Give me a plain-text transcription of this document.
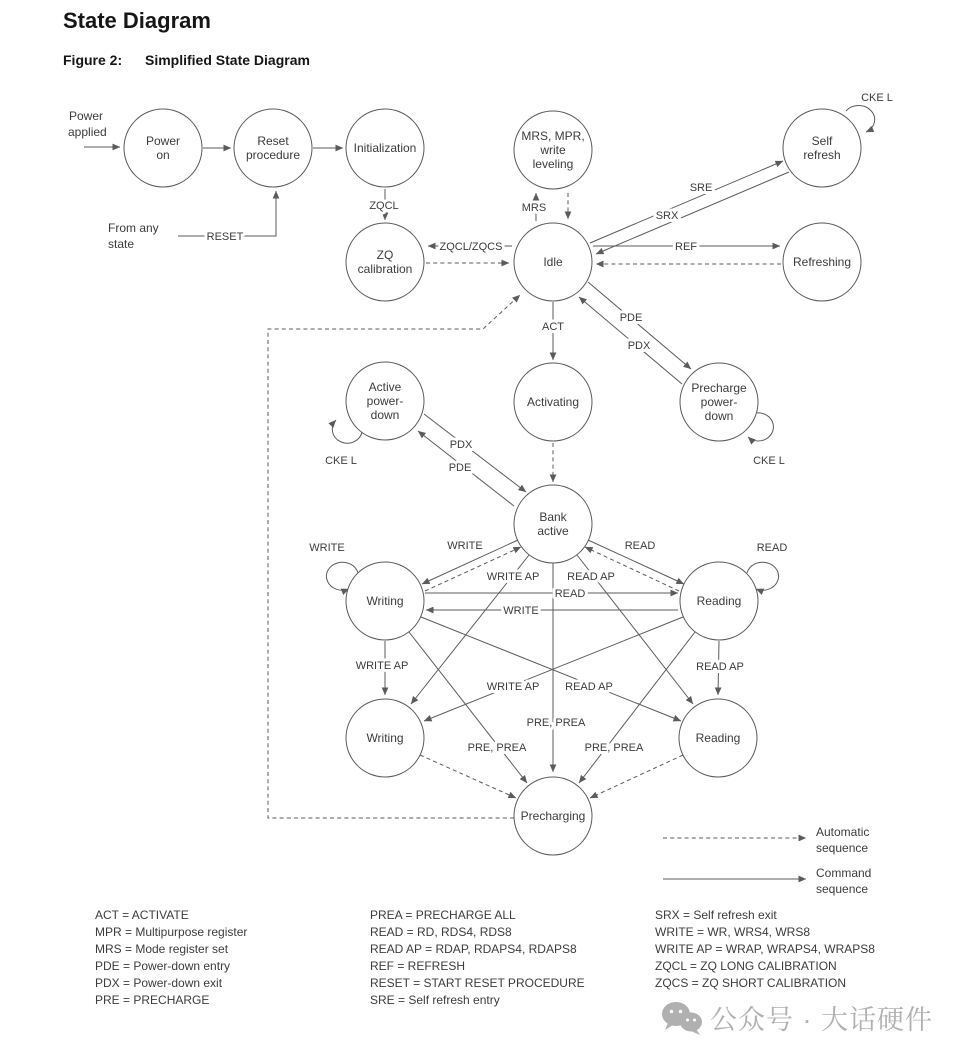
State Diagram
Figure 2: Simplified State Diagram
Power
on
Reset
procedure	Initialization
MRS, MPR,
write
leveling
Self
refresh
ZQ
calibration	Idle	Refreshing
Active
power-
down
Activating
Precharge
power-
down
Bank
active
Writing	Reading
Writing	Reading
Precharging
Power
applied
From any
state	RESET
ZQCL
ZQCL/ZQCS
MRS
SRE
SRX
REF
ACT
PDE
PDX
PDX
PDE
CKE L
CKE L	CKE L
WRITE	READ
WRITE	READ
READ
WRITE
WRITE AP	READ AP
WRITE AP	READ AP
WRITE AP READ AP
PRE, PREA
PRE, PREA	PRE, PREA
Automatic
sequence
Command
sequence
ACT = ACTIVATE
MPR = Multipurpose register
MRS = Mode register set
PDE = Power-down entry
PDX = Power-down exit
PRE = PRECHARGE
PREA = PRECHARGE ALL
READ = RD, RDS4, RDS8
READ AP = RDAP, RDAPS4, RDAPS8
REF = REFRESH
RESET = START RESET PROCEDURE
SRE = Self refresh entry
SRX = Self refresh exit
WRITE = WR, WRS4, WRS8
WRITE AP = WRAP, WRAPS4, WRAPS8
ZQCL = ZQ LONG CALIBRATION
ZQCS = ZQ SHORT CALIBRATION
公众号 · 大话硬件
